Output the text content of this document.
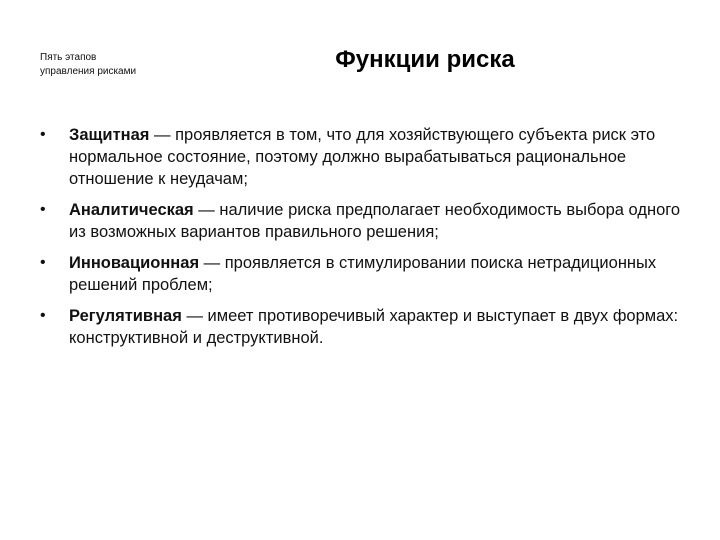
Пять этапов
управления рисками	Функции риска
•	Защитная — проявляется в том, что для хозяйствующего субъекта риск это нормальное состояние, поэтому должно вырабатываться рациональное отношение к неудачам;
•	Аналитическая — наличие риска предполагает необходимость выбора одного из возможных вариантов правильного решения;
•	Инновационная — проявляется в стимулировании поиска нетрадиционных решений проблем;
•	Регулятивная — имеет противоречивый характер и выступает в двух формах: конструктивной и деструктивной.
